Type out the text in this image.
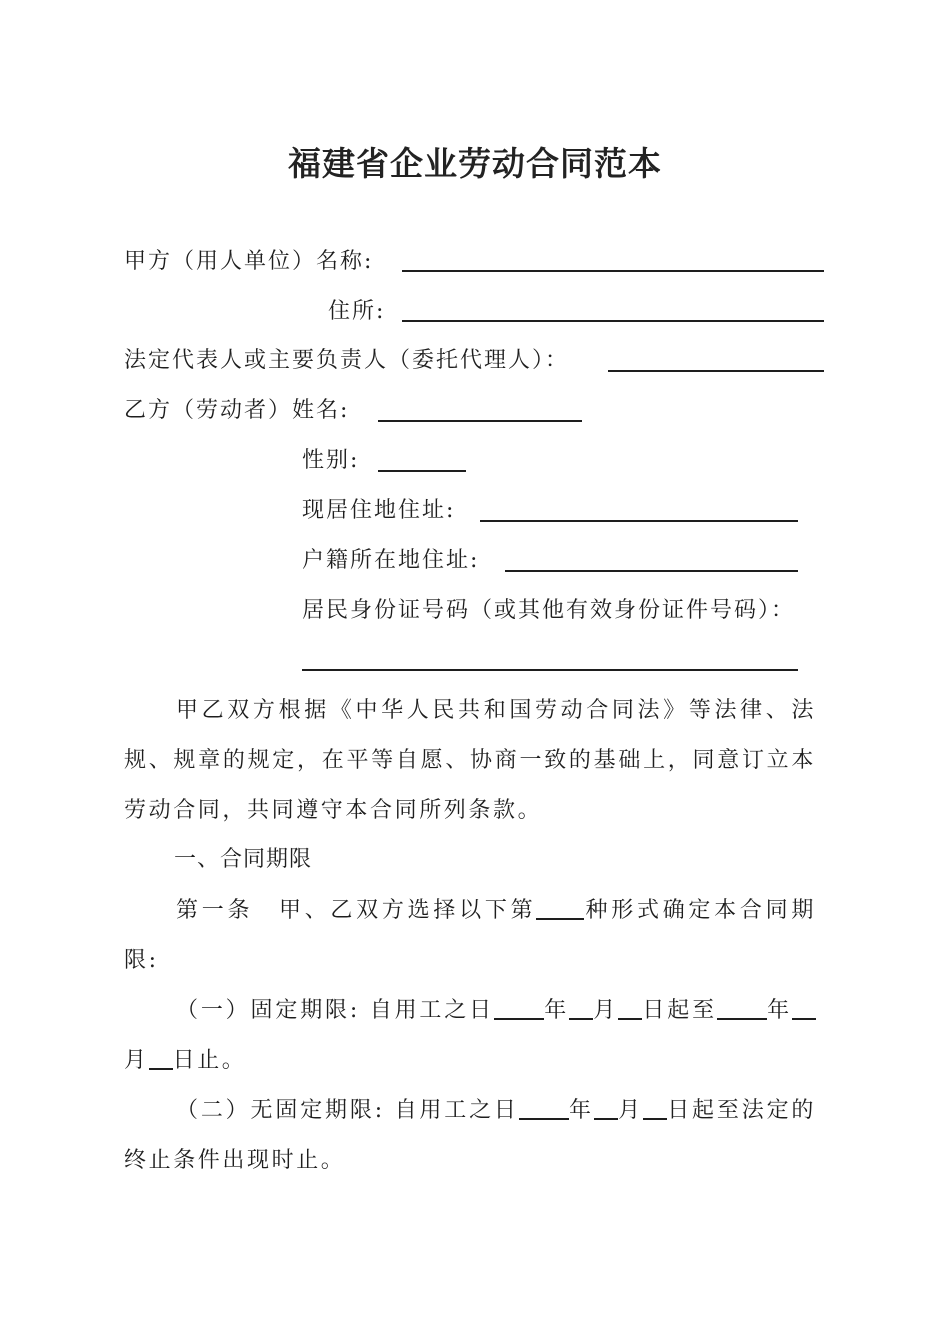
福建省企业劳动合同范本
甲方（用人单位）名称:
住所:
法定代表人或主要负责人（委托代理人）：
乙方（劳动者）姓名:
性别:
现居住地住址:
户籍所在地住址:
居民身份证号码（或其他有效身份证件号码）：
甲乙双方根据《中华人民共和国劳动合同法》等法律、法规、规章的规定，在平等自愿、协商一致的基础上，同意订立本劳动合同，共同遵守本合同所列条款。
一、合同期限
第一条　甲、乙双方选择以下第 种形式确定本合同期限:
（一）固定期限: 自用工之日 年 月 日起至 年月 日止。
（二）无固定期限: 自用工之日 年 月 日起至法定的终止条件出现时止。
